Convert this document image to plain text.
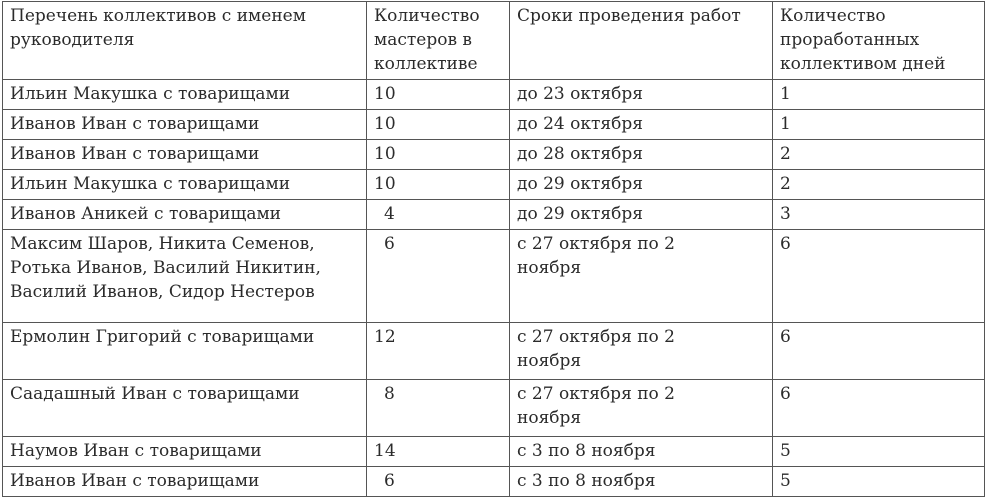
Перечень коллективов с именем руководителя	Количество мастеров в коллективе	Сроки проведения работ	Количество проработанных коллективом дней
Ильин Макушка с товарищами	10	до 23 октября	1
Иванов Иван с товарищами	10	до 24 октября	1
Иванов Иван с товарищами	10	до 28 октября	2
Ильин Макушка с товарищами	10	до 29 октября	2
Иванов Аникей с товарищами	4	до 29 октября	3
Максим Шаров, Никита Семенов, Ротька Иванов, Василий Никитин, Василий Иванов, Сидор Нестеров	6	с 27 октября по 2 ноября	6
Ермолин Григорий с товарищами	12	с 27 октября по 2 ноября	6
Саадашный Иван с товарищами	8	с 27 октября по 2 ноября	6
Наумов Иван с товарищами	14	с 3 по 8 ноября	5
Иванов Иван с товарищами	6	с 3 по 8 ноября	5
